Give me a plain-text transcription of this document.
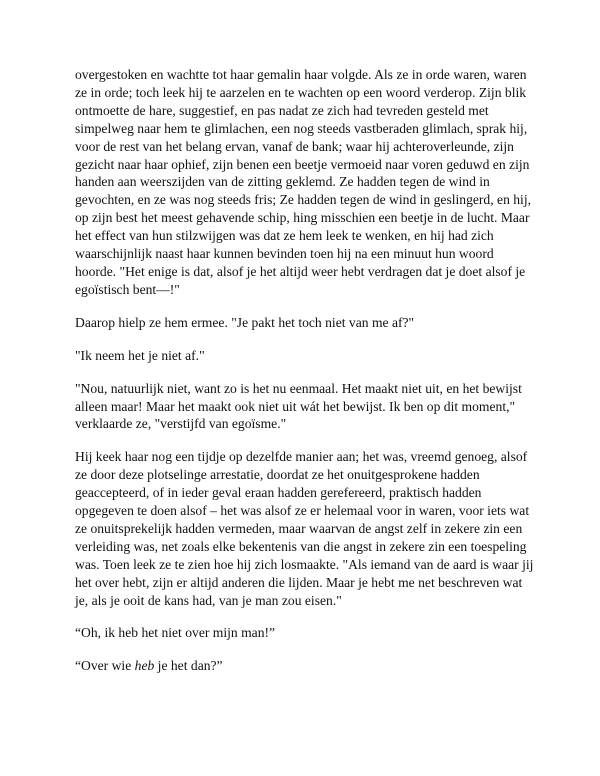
overgestoken en wachtte tot haar gemalin haar volgde. Als ze in orde waren, waren ze in orde; toch leek hij te aarzelen en te wachten op een woord verderop. Zijn blik ontmoette de hare, suggestief, en pas nadat ze zich had tevreden gesteld met simpelweg naar hem te glimlachen, een nog steeds vastberaden glimlach, sprak hij, voor de rest van het belang ervan, vanaf de bank; waar hij achteroverleunde, zijn gezicht naar haar ophief, zijn benen een beetje vermoeid naar voren geduwd en zijn handen aan weerszijden van de zitting geklemd. Ze hadden tegen de wind in gevochten, en ze was nog steeds fris; Ze hadden tegen de wind in geslingerd, en hij, op zijn best het meest gehavende schip, hing misschien een beetje in de lucht. Maar het effect van hun stilzwijgen was dat ze hem leek te wenken, en hij had zich waarschijnlijk naast haar kunnen bevinden toen hij na een minuut hun woord hoorde. "Het enige is dat, alsof je het altijd weer hebt verdragen dat je doet alsof je egoïstisch bent—!"

Daarop hielp ze hem ermee. "Je pakt het toch niet van me af?"

"Ik neem het je niet af."

"Nou, natuurlijk niet, want zo is het nu eenmaal. Het maakt niet uit, en het bewijst alleen maar! Maar het maakt ook niet uit wát het bewijst. Ik ben op dit moment," verklaarde ze, "verstijfd van egoïsme."

Hij keek haar nog een tijdje op dezelfde manier aan; het was, vreemd genoeg, alsof ze door deze plotselinge arrestatie, doordat ze het onuitgesprokene hadden geaccepteerd, of in ieder geval eraan hadden gerefereerd, praktisch hadden opgegeven te doen alsof – het was alsof ze er helemaal voor in waren, voor iets wat ze onuitsprekelijk hadden vermeden, maar waarvan de angst zelf in zekere zin een verleiding was, net zoals elke bekentenis van die angst in zekere zin een toespeling was. Toen leek ze te zien hoe hij zich losmaakte. "Als iemand van de aard is waar jij het over hebt, zijn er altijd anderen die lijden. Maar je hebt me net beschreven wat je, als je ooit de kans had, van je man zou eisen."

“Oh, ik heb het niet over mijn man!”

“Over wie heb je het dan?”
